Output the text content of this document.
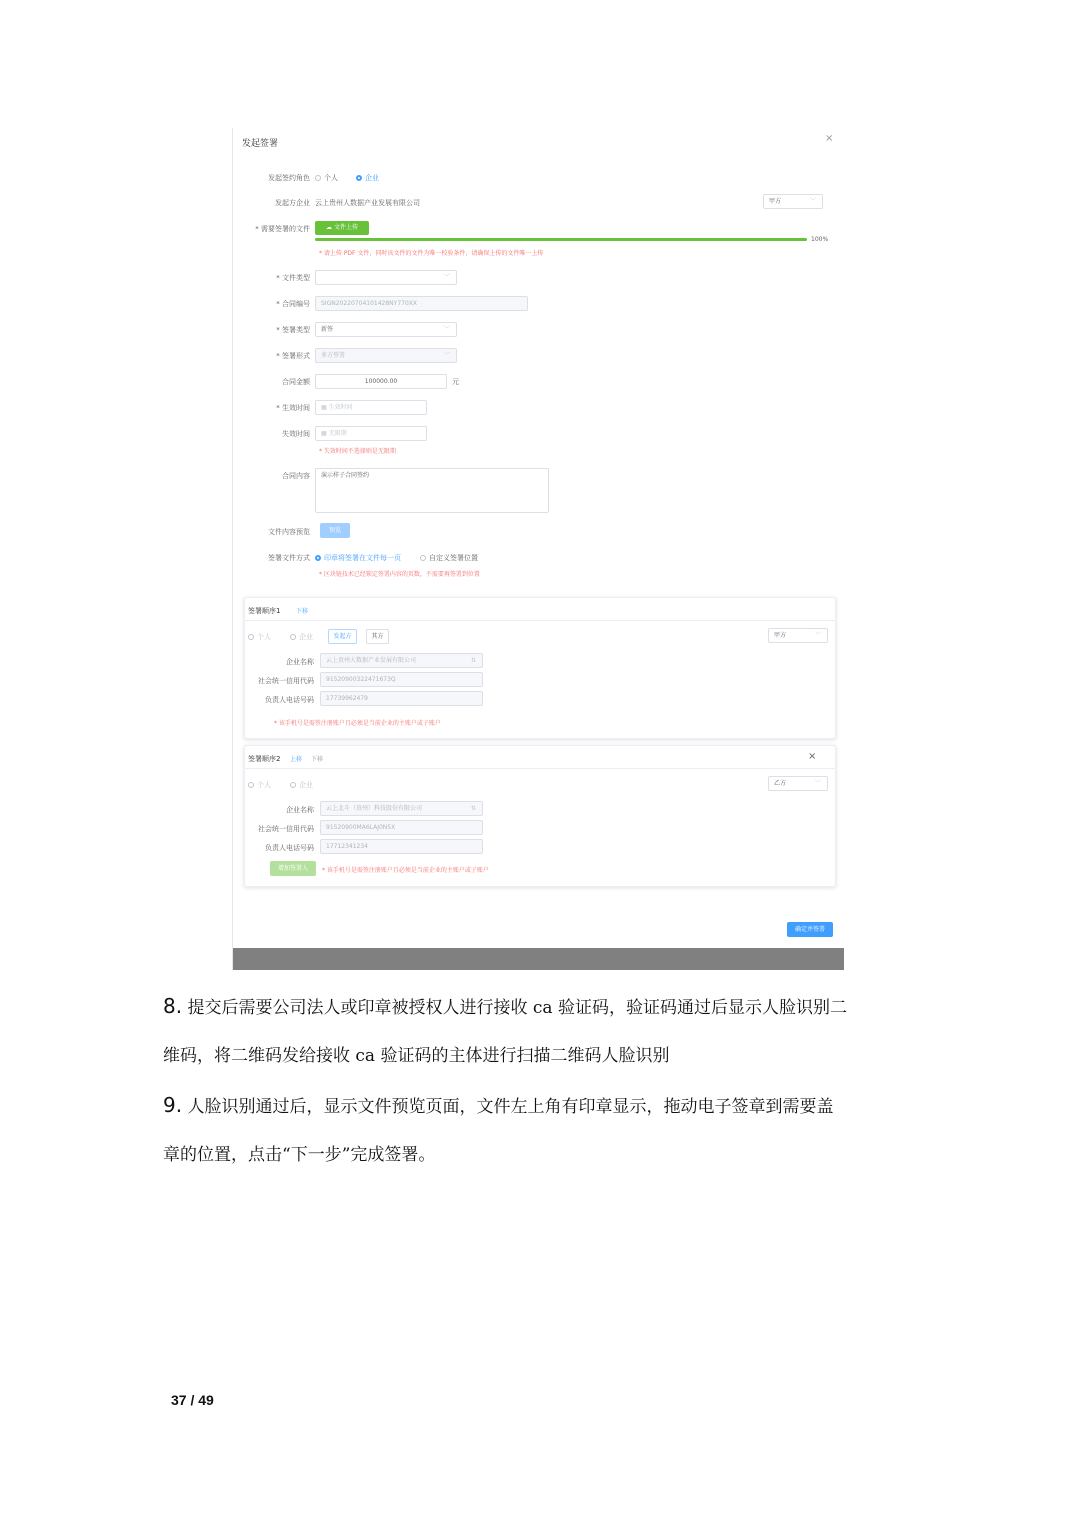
发起签署	×
发起签约角色	个人	企业
发起方企业 云上贵州人数据产业发展有限公司	甲方	﹀
* 需要签署的文件	☁ 文件上传
100%
* 请上传 PDF 文件，同时该文件的文件为唯一校验条件，请确保上传的文件唯一上传
* 文件类型	﹀
* 合同编号	SIGN20220704101428NY770XX
* 签署类型	新签	﹀
* 签署形式	多方签署	﹀
合同金额	100000.00	元
* 生效时间	▦ 生效时间
失效时间	▦ 无限期
* 失效时间不选择则是无限期
合同内容	演示样子合同签约
文件内容预览	预览
签署文件方式	印章将签署在文件每一页	自定义签署位置
* 区块链技术已经锁定签署内容的页数，不需要再签署到位置
签署顺序1	下移
个人	企业	发起方	其方	甲方	﹀
企业名称	云上贵州大数据产业发展有限公司	⇅
社会统一信用代码	91520900322471673Q
负责人电话号码	17739962479
* 该手机号是需签注册账户且必须是当前企业的主账户或子账户
签署顺序2 上移 下移	×
个人	企业	乙方	﹀
企业名称	云上北斗（贵州）科技股份有限公司	⇅
社会统一信用代码	91520900MA6LAJ0N5X
负责人电话号码	17712341234
增加签署人	* 该手机号是需签注册账户且必须是当前企业的主账户或子账户
确定并签署
8. 提交后需要公司法人或印章被授权人进行接收 ca 验证码，验证码通过后显示人脸识别二
维码，将二维码发给接收 ca 验证码的主体进行扫描二维码人脸识别
9. 人脸识别通过后，显示文件预览页面，文件左上角有印章显示，拖动电子签章到需要盖
章的位置，点击“下一步”完成签署。
37 / 49
